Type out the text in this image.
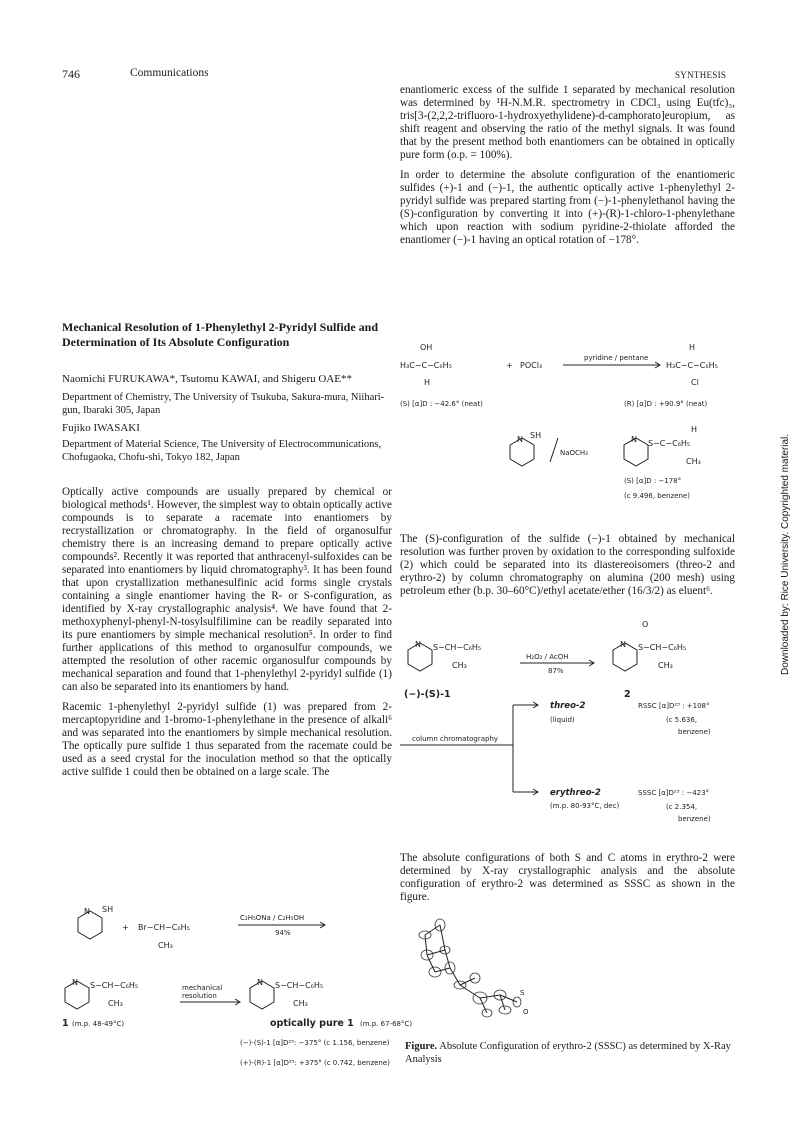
746	Communications	SYNTHESIS
Downloaded by: Rice University. Copyrighted material.
Mechanical Resolution of 1-Phenylethyl 2-Pyridyl Sulfide and Determination of Its Absolute Configuration
Naomichi FURUKAWA*, Tsutomu KAWAI, and Shigeru OAE**
Department of Chemistry, The University of Tsukuba, Sakura-mura, Niihari-gun, Ibaraki 305, Japan
Fujiko IWASAKI
Department of Material Science, The University of Electrocommunications, Chofugaoka, Chofu-shi, Tokyo 182, Japan

Optically active compounds are usually prepared by chemical or biological methods¹. However, the simplest way to obtain optically active compounds is to separate a racemate into enantiomers by recrystallization or chromatography. In the field of organosulfur chemistry there is an increasing demand to prepare optically active compounds². Recently it was reported that anthracenyl-sulfoxides can be separated into enantiomers by liquid chromatography³. It has been found that upon crystallization methanesulfinic acid forms single crystals containing a single enantiomer having the R- or S-configuration, as identified by X-ray crystallographic analysis⁴. We have found that 2-methoxyphenyl-phenyl-N-tosylsulfilimine can be readily separated into its pure enantiomers by simple mechanical resolution⁵. In order to find further applications of this method to organosulfur compounds, we attempted the resolution of other racemic organosulfur compounds by mechanical separation and found that 1-phenylethyl 2-pyridyl sulfide (1) can also be separated into its enantiomers by hand.

Racemic 1-phenylethyl 2-pyridyl sulfide (1) was prepared from 2-mercaptopyridine and 1-bromo-1-phenylethane in the presence of alkali⁶ and was separated into the enantiomers by simple mechanical resolution. The optically pure sulfide 1 thus separated from the racemate could be used as a seed crystal for the inoculation method so that the optically active sulfide 1 could then be obtained on a large scale. The

N SH
+ Br−CH−C₆H₅
CH₃
C₂H₅ONa / C₂H₅OH
94%
N S−CH−C₆H₅
CH₃
mechanical
resolution
N S−CH−C₆H₅
CH₃
1 (m.p. 48-49°C)	optically pure 1 (m.p. 67-68°C)
(−)-(S)-1 [α]D²⁵: −375° (c 1.156, benzene)
(+)-(R)-1 [α]D²⁵: +375° (c 0.742, benzene)

enantiomeric excess of the sulfide 1 separated by mechanical resolution was determined by ¹H-N.M.R. spectrometry in CDCl₃ using Eu(tfc)₃, tris[3-(2,2,2-trifluoro-1-hydroxyethylidene)-d-camphorato]europium, as shift reagent and observing the ratio of the methyl signals. It was found that by the present method both enantiomers can be obtained in optically pure form (o.p. = 100%).

In order to determine the absolute configuration of the enantiomeric sulfides (+)-1 and (−)-1, the authentic optically active 1-phenylethyl 2-pyridyl sulfide was prepared starting from (−)-1-phenylethanol having the (S)-configuration by converting it into (+)-(R)-1-chloro-1-phenylethane which upon reaction with sodium pyridine-2-thiolate afforded the enantiomer (−)-1 having an optical rotation of −178°.

OH
H₃C−C−C₆H₅
H
+ POCl₃
pyridine / pentane
H
H₃C−C−C₆H₅
Cl
(S) [α]D : −42.6° (neat)	(R) [α]D : +90.9° (neat)
N SH
NaOCH₃
N S−C−C₆H₅
H
CH₃
(S) [α]D : −178°
(c 9.496, benzene)

The (S)-configuration of the sulfide (−)-1 obtained by mechanical resolution was further proven by oxidation to the corresponding sulfoxide (2) which could be separated into its diastereoisomers (threo-2 and erythro-2) by column chromatography on alumina (200 mesh) using petroleum ether (b.p. 30–60°C)/ethyl acetate/ether (16/3/2) as eluent⁶.

N S−CH−C₆H₅
CH₃
H₂O₂ / AcOH
87%
N S−CH−C₆H₅
O
CH₃
(−)-(S)-1	2
column chromatography
threo-2
(liquid)
RSSC [α]D²³ : +108°
(c 5.636,
benzene)
erythreo-2
(m.p. 80-93°C, dec)
SSSC [α]D²³ : −423°
(c 2.354,
benzene)

The absolute configurations of both S and C atoms in erythro-2 were determined by X-ray crystallographic analysis and the absolute configuration of erythro-2 was determined as SSSC as shown in the figure.

S
O
Figure. Absolute Configuration of erythro-2 (SSSC) as determined by X-Ray Analysis
